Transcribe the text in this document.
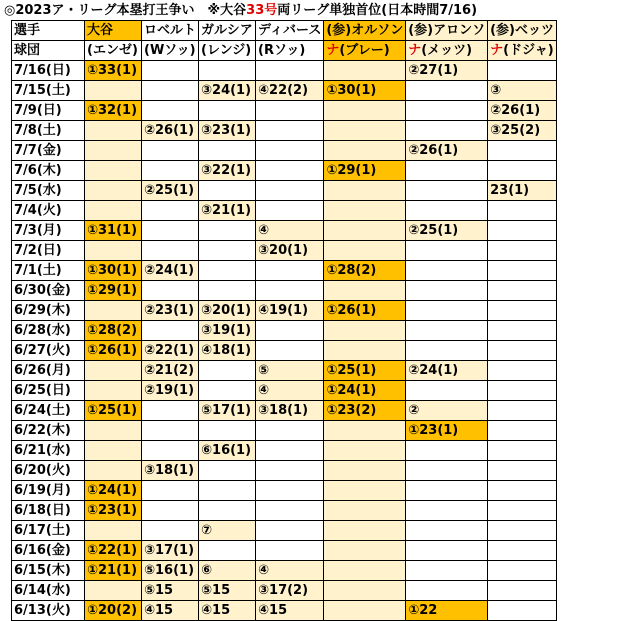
◎2023ア・リーグ本塁打王争い　※大谷33号両リーグ単独首位(日本時間7/16)
選手	大谷	ロベルト	ガルシア	ディバース	(参)オルソン	(参)アロンソ	(参)ベッツ
球団	(エンゼ)	(Wソッ)	(レンジ)	(Rソッ)	ナ(ブレー)	ナ(メッツ)	ナ(ドジャ)
7/16(日)	①33(1)					②27(1)	
7/15(土)			③24(1)	④22(2)	①30(1)		③
7/9(日)	①32(1)						②26(1)
7/8(土)		②26(1)	③23(1)				③25(2)
7/7(金)						②26(1)	
7/6(木)			③22(1)		①29(1)		
7/5(水)		②25(1)					23(1)
7/4(火)			③21(1)				
7/3(月)	①31(1)			④		②25(1)	
7/2(日)				③20(1)			
7/1(土)	①30(1)	②24(1)			①28(2)		
6/30(金)	①29(1)						
6/29(木)		②23(1)	③20(1)	④19(1)	①26(1)		
6/28(水)	①28(2)		③19(1)				
6/27(火)	①26(1)	②22(1)	④18(1)				
6/26(月)		②21(2)		⑤	①25(1)	②24(1)	
6/25(日)		②19(1)		④	①24(1)		
6/24(土)	①25(1)		⑤17(1)	③18(1)	①23(2)	②	
6/22(木)						①23(1)	
6/21(水)			⑥16(1)				
6/20(火)		③18(1)					
6/19(月)	①24(1)						
6/18(日)	①23(1)						
6/17(土)			⑦				
6/16(金)	①22(1)	③17(1)					
6/15(木)	①21(1)	⑤16(1)	⑥	④			
6/14(水)		⑤15	⑤15	③17(2)			
6/13(火)	①20(2)	④15	④15	④15		①22	
